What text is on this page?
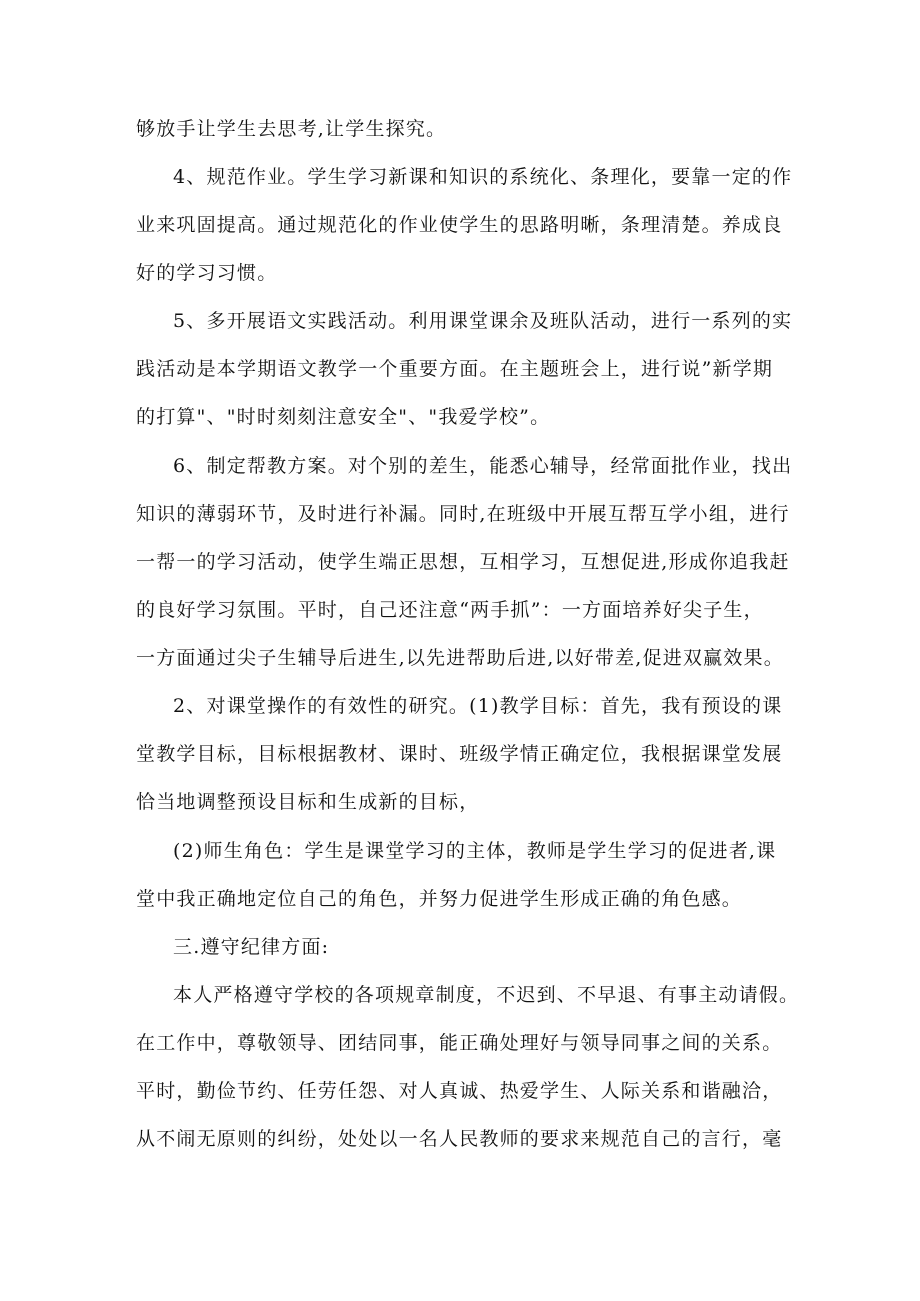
够放手让学生去思考,让学生探究。
4、规范作业。学生学习新课和知识的系统化、条理化，要靠一定的作
业来巩固提高。通过规范化的作业使学生的思路明晰，条理清楚。养成良
好的学习习惯。
5、多开展语文实践活动。利用课堂课余及班队活动，进行一系列的实
践活动是本学期语文教学一个重要方面。在主题班会上，进行说”新学期
的打算"、"时时刻刻注意安全"、"我爱学校”。
6、制定帮教方案。对个别的差生，能悉心辅导，经常面批作业，找出
知识的薄弱环节，及时进行补漏。同时,在班级中开展互帮互学小组，进行
一帮一的学习活动，使学生端正思想，互相学习，互想促进,形成你追我赶
的良好学习氛围。平时，自己还注意“两手抓”：一方面培养好尖子生，
一方面通过尖子生辅导后进生,以先进帮助后进,以好带差,促进双赢效果。
2、对课堂操作的有效性的研究。(1)教学目标：首先，我有预设的课
堂教学目标，目标根据教材、课时、班级学情正确定位，我根据课堂发展
恰当地调整预设目标和生成新的目标，
(2)师生角色：学生是课堂学习的主体，教师是学生学习的促进者,课
堂中我正确地定位自己的角色，并努力促进学生形成正确的角色感。
三.遵守纪律方面:
本人严格遵守学校的各项规章制度，不迟到、不早退、有事主动请假。
在工作中，尊敬领导、团结同事，能正确处理好与领导同事之间的关系。
平时，勤俭节约、任劳任怨、对人真诚、热爱学生、人际关系和谐融洽，
从不闹无原则的纠纷，处处以一名人民教师的要求来规范自己的言行，毫
